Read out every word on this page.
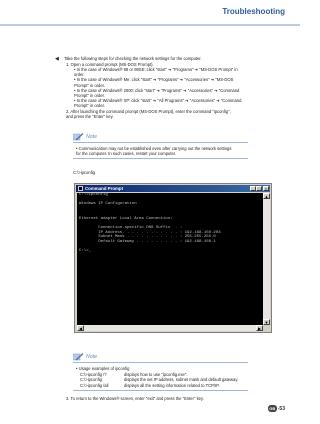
Troubleshooting
◀ Take the following steps for checking the network settings for the computer.
1. Open a command prompt (MS-DOS Prompt).
• In the case of Windows® 98 or 98SE: click "start" ➔ "Programs" ➔ "MS-DOS Prompt" in
order.
• In the case of Windows® Me: click "start" ➔ "Programs" ➔ "Accessories" ➔ "MS-DOS
Prompt" in order.
• In the case of Windows® 2000: click "start" ➔ "Programs" ➔ "Accessories" ➔ "Command
Prompt" in order.
• In the case of Windows® XP: click "start" ➔ "All Programs" ➔ "Accessories" ➔ "Command
Prompt" in order.
2. After launching the command prompt (MS-DOS Prompt), enter the command "ipconfig",
and press the "Enter" key.
Note
• Communication may not be established even after carrying out the network settings
for the computer. In such cases, restart your computer.
C:\>ipconfig
Command Prompt	_ □	×
C:\>ipconfig

Windows IP Configuration

Ethernet adapter Local Area Connection:

Connection-specific DNS Suffix  . :
IP Address. . . . . . . . . . . . : 192.168.150.203
Subnet Mask . . . . . . . . . . . : 255.255.255.0
Default Gateway . . . . . . . . . : 192.168.150.1

C:\>_
▲
▼
◀	▶
Note
• Usage examples of ipconfig
C:\>ipconfig /?	displays how to use "ipconfig.exe".
C:\>ipconfig	displays the set IP address, subnet mask and default gateway.
C:\>ipconfig /all	displays all the setting information related to TCP/IP.
3. To return to the Windows® screen, enter "exit" and press the "Enter" key.
GB -53
